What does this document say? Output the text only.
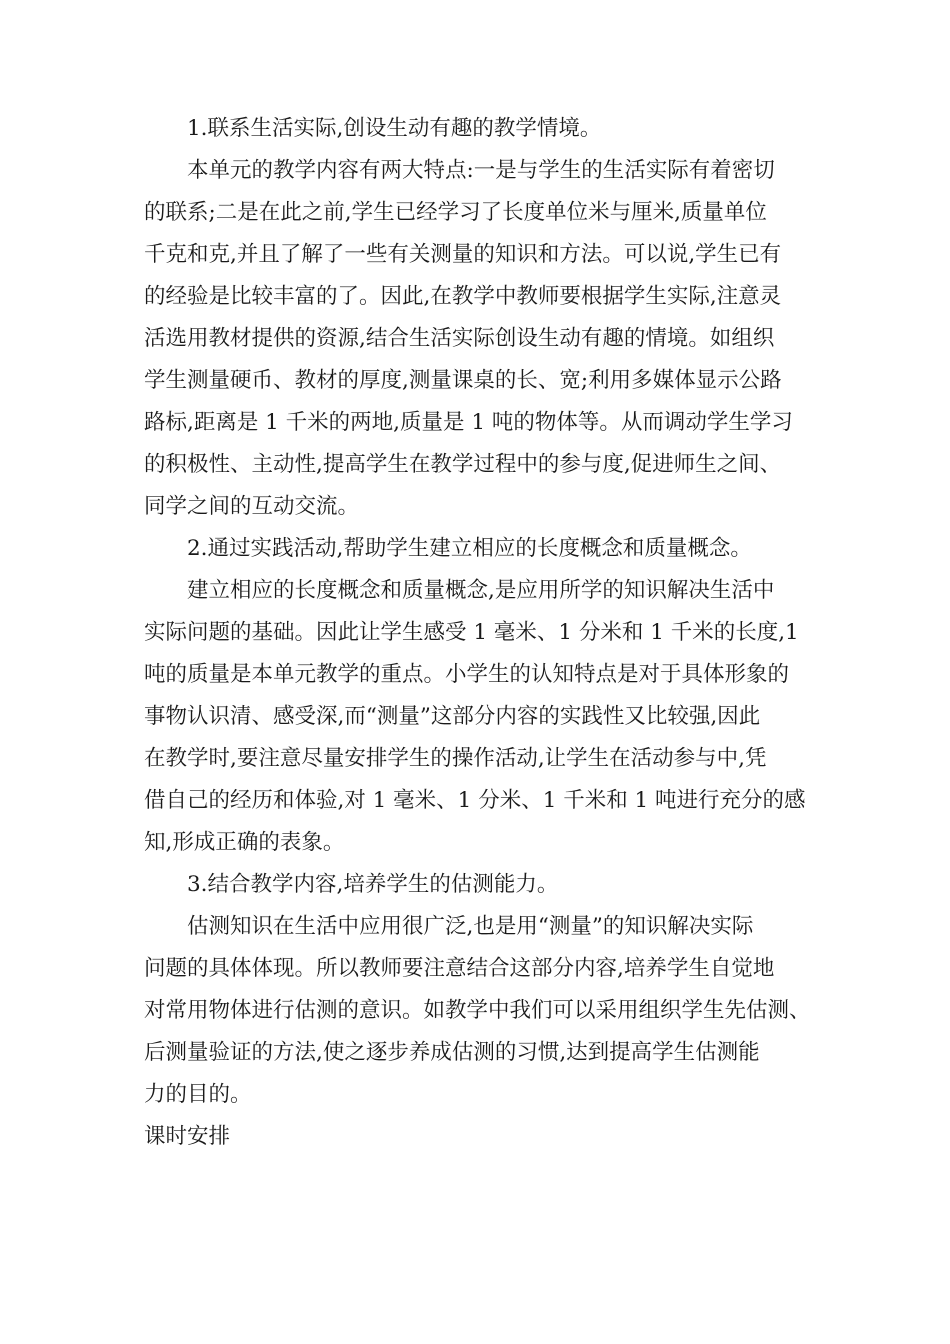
1.联系生活实际,创设生动有趣的教学情境。
本单元的教学内容有两大特点:一是与学生的生活实际有着密切
的联系;二是在此之前,学生已经学习了长度单位米与厘米,质量单位
千克和克,并且了解了一些有关测量的知识和方法。可以说,学生已有
的经验是比较丰富的了。因此,在教学中教师要根据学生实际,注意灵
活选用教材提供的资源,结合生活实际创设生动有趣的情境。如组织
学生测量硬币、教材的厚度,测量课桌的长、宽;利用多媒体显示公路
路标,距离是 1 千米的两地,质量是 1 吨的物体等。从而调动学生学习
的积极性、主动性,提高学生在教学过程中的参与度,促进师生之间、
同学之间的互动交流。
2.通过实践活动,帮助学生建立相应的长度概念和质量概念。
建立相应的长度概念和质量概念,是应用所学的知识解决生活中
实际问题的基础。因此让学生感受 1 毫米、1 分米和 1 千米的长度,1
吨的质量是本单元教学的重点。小学生的认知特点是对于具体形象的
事物认识清、感受深,而“测量”这部分内容的实践性又比较强,因此
在教学时,要注意尽量安排学生的操作活动,让学生在活动参与中,凭
借自己的经历和体验,对 1 毫米、1 分米、1 千米和 1 吨进行充分的感
知,形成正确的表象。
3.结合教学内容,培养学生的估测能力。
估测知识在生活中应用很广泛,也是用“测量”的知识解决实际
问题的具体体现。所以教师要注意结合这部分内容,培养学生自觉地
对常用物体进行估测的意识。如教学中我们可以采用组织学生先估测、
后测量验证的方法,使之逐步养成估测的习惯,达到提高学生估测能
力的目的。
课时安排
